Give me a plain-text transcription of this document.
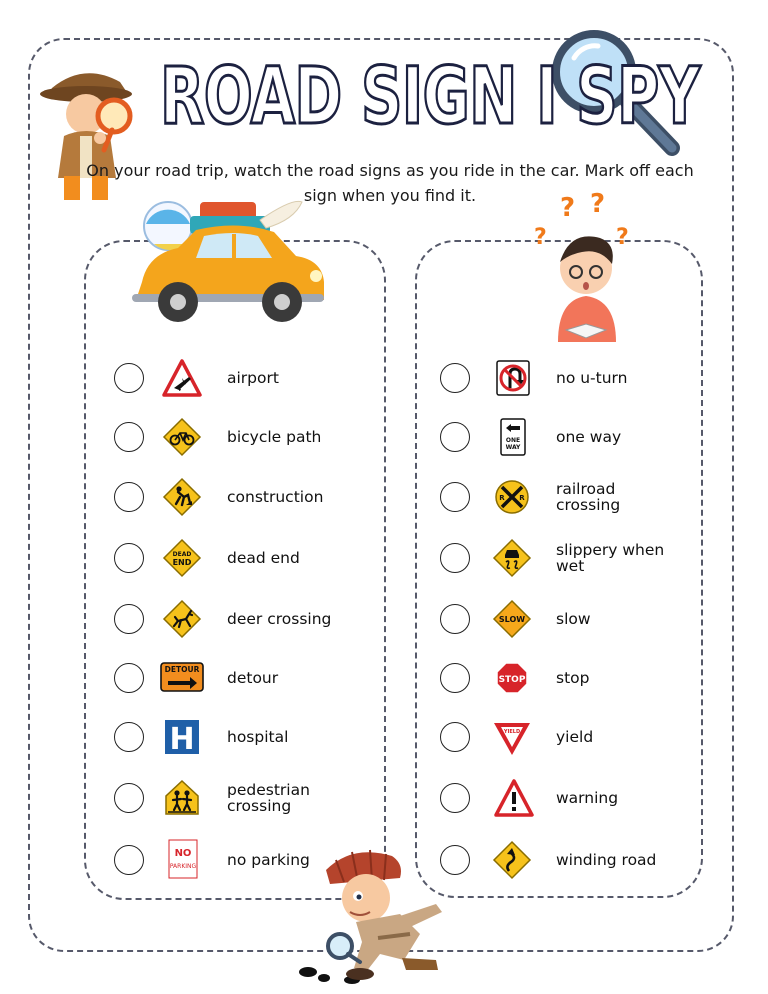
ROAD SIGN I SPY
On your road trip, watch the road signs as you ride in the car. Mark off each sign when you find it.	? ?
?	?
airport
bicycle path
construction
DEAD
END dead end
deer crossing
DETOUR detour
H hospital
pedestrian crossing
NO
PARKING no parking
no u-turn
ONE
WAY
one way
R R railroad crossing
slippery when wet
SLOW slow
STOP stop
YIELD yield
warning
winding road
